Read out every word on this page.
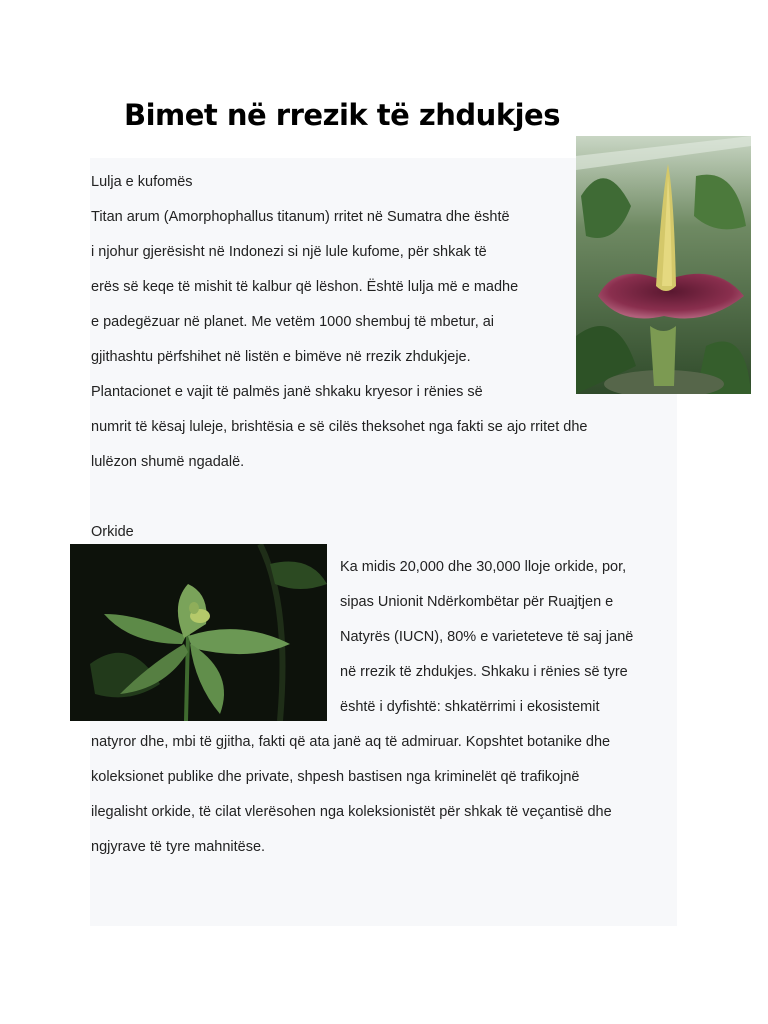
Bimet në rrezik të zhdukjes
Lulja e kufomës
Titan arum (Amorphophallus titanum) rritet në Sumatra dhe është
i njohur gjerësisht në Indonezi si një lule kufome, për shkak të
erës së keqe të mishit të kalbur që lëshon. Është lulja më e madhe
e padegëzuar në planet. Me vetëm 1000 shembuj të mbetur, ai
gjithashtu përfshihet në listën e bimëve në rrezik zhdukjeje.
Plantacionet e vajit të palmës janë shkaku kryesor i rënies së
numrit të kësaj luleje, brishtësia e së cilës theksohet nga fakti se ajo rritet dhe
lulëzon shumë ngadalë.
Orkide
Ka midis 20,000 dhe 30,000 lloje orkide, por,
sipas Unionit Ndërkombëtar për Ruajtjen e
Natyrës (IUCN), 80% e varieteteve të saj janë
në rrezik të zhdukjes. Shkaku i rënies së tyre
është i dyfishtë: shkatërrimi i ekosistemit
natyror dhe, mbi të gjitha, fakti që ata janë aq të admiruar. Kopshtet botanike dhe
koleksionet publike dhe private, shpesh bastisen nga kriminelët që trafikojnë
ilegalisht orkide, të cilat vlerësohen nga koleksionistët për shkak të veçantisë dhe
ngjyrave të tyre mahnitëse.
